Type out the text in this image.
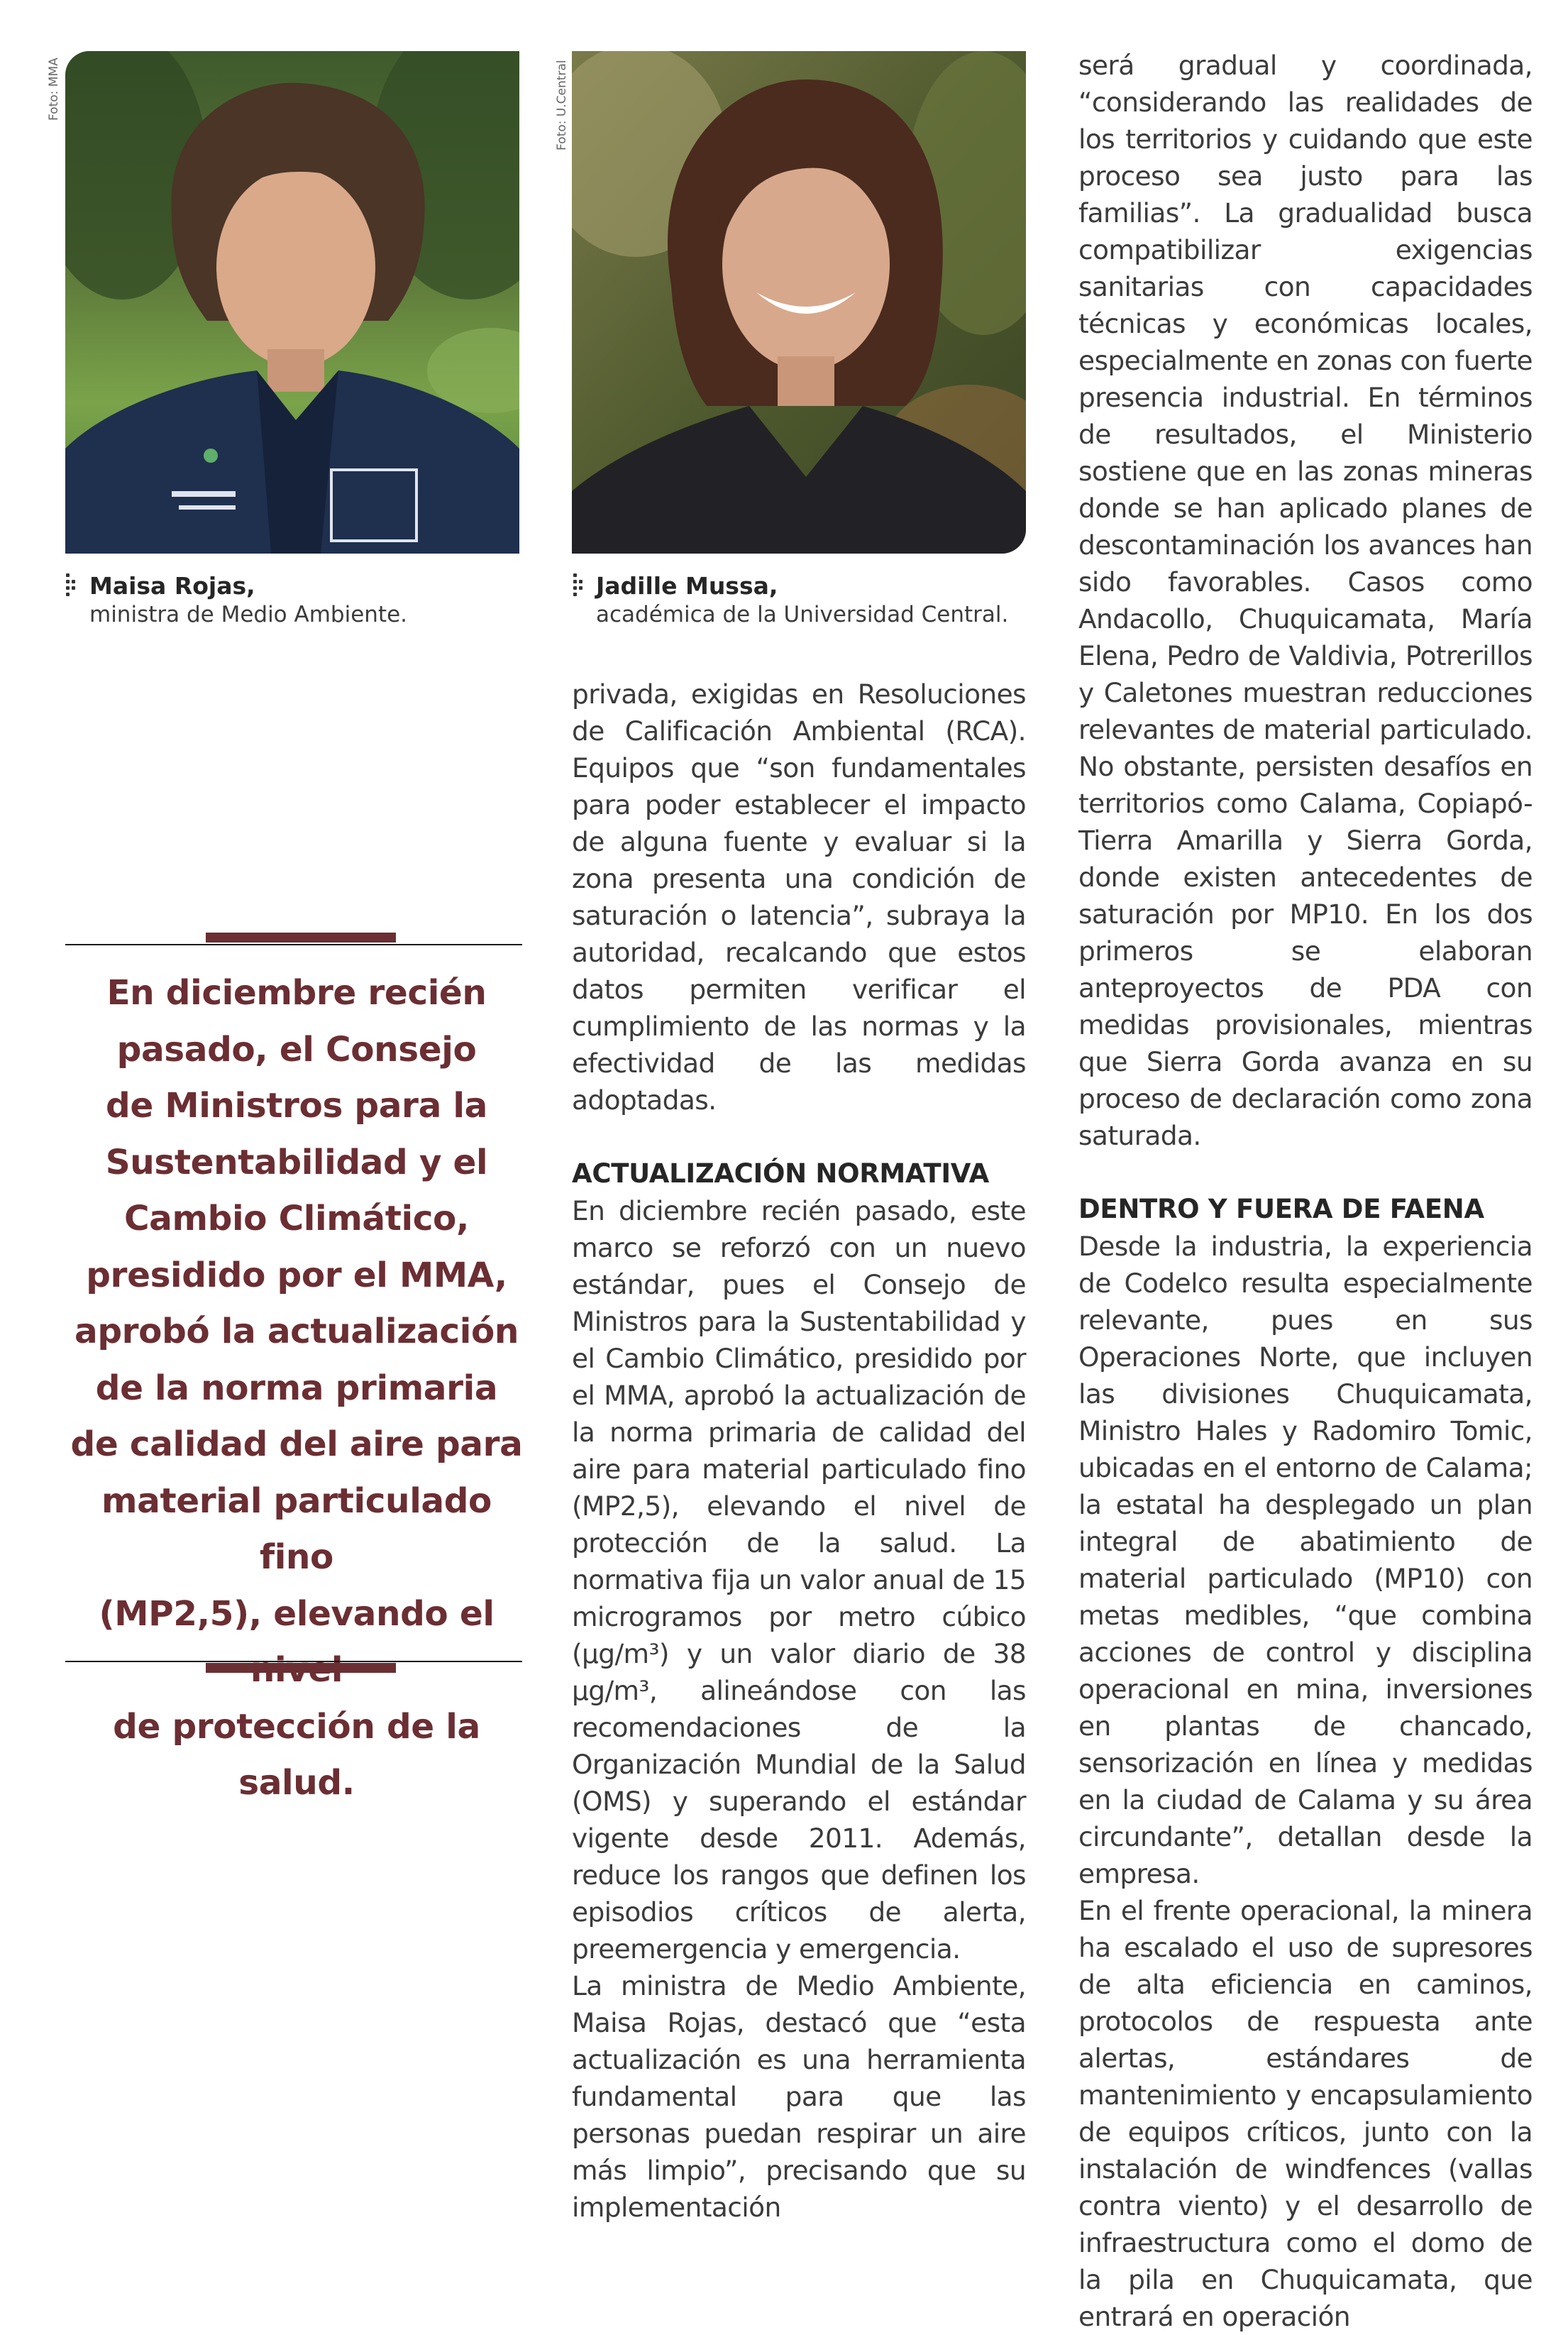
Foto: MMA	Foto: U.Central
Maisa Rojas,
ministra de Medio Ambiente.
Jadille Mussa,
académica de la Universidad Central.
En diciembre recién
pasado, el Consejo
de Ministros para la
Sustentabilidad y el
Cambio Climático,
presidido por el MMA,
aprobó la actualización
de la norma primaria
de calidad del aire para
material particulado fino
(MP2,5), elevando el
de protección de la salud.

privada, exigidas en Resoluciones de Calificación Ambiental (RCA). Equipos que “son fundamentales para poder establecer el impacto de alguna fuente y evaluar si la zona presenta una condición de saturación o latencia”, subraya la autoridad, recalcando que estos datos permiten verificar el cumplimiento de las normas y la efectividad de las medidas adoptadas.

ACTUALIZACIÓN NORMATIVA

En diciembre recién pasado, este marco se reforzó con un nuevo estándar, pues el Consejo de Ministros para la Sustentabilidad y el Cambio Climático, presidido por el MMA, aprobó la actualización de la norma primaria de calidad del aire para material particulado fino (MP2,5), elevando el nivel de protección de la salud. La normativa fija un valor anual de 15 microgramos por metro cúbico (µg/m³) y un valor diario de 38 µg/m³, alineándose con las recomendaciones de la Organización Mundial de la Salud (OMS) y superando el estándar vigente desde 2011. Además, reduce los rangos que definen los episodios críticos de alerta, preemergencia y emergencia.

La ministra de Medio Ambiente, Maisa Rojas, destacó que “esta actualización es una herramienta fundamental para que las personas puedan respirar un aire más limpio”, precisando que su implementación

será gradual y coordinada, “considerando las realidades de los territorios y cuidando que este proceso sea justo para las familias”. La gradualidad busca compatibilizar exigencias sanitarias con capacidades técnicas y económicas locales, especialmente en zonas con fuerte presencia industrial. En términos de resultados, el Ministerio sostiene que en las zonas mineras donde se han aplicado planes de descontaminación los avances han sido favorables. Casos como Andacollo, Chuquicamata, María Elena, Pedro de Valdivia, Potrerillos y Caletones muestran reducciones relevantes de material particulado. No obstante, persisten desafíos en territorios como Calama, Copiapó-Tierra Amarilla y Sierra Gorda, donde existen antecedentes de saturación por MP10. En los dos primeros se elaboran anteproyectos de PDA con medidas provisionales, mientras que Sierra Gorda avanza en su proceso de declaración como zona saturada.

DENTRO Y FUERA DE FAENA

Desde la industria, la experiencia de Codelco resulta especialmente relevante, pues en sus Operaciones Norte, que incluyen las divisiones Chuquicamata, Ministro Hales y Radomiro Tomic, ubicadas en el entorno de Calama; la estatal ha desplegado un plan integral de abatimiento de material particulado (MP10) con metas medibles, “que combina acciones de control y disciplina operacional en mina, inversiones en plantas de chancado, sensorización en línea y medidas en la ciudad de Calama y su área circundante”, detallan desde la empresa.

En el frente operacional, la minera ha escalado el uso de supresores de alta eficiencia en caminos, protocolos de respuesta ante alertas, estándares de mantenimiento y encapsulamiento de equipos críticos, junto con la instalación de windfences (vallas contra viento) y el desarrollo de infraestructura como el domo de la pila en Chuquicamata, que entrará en operación
